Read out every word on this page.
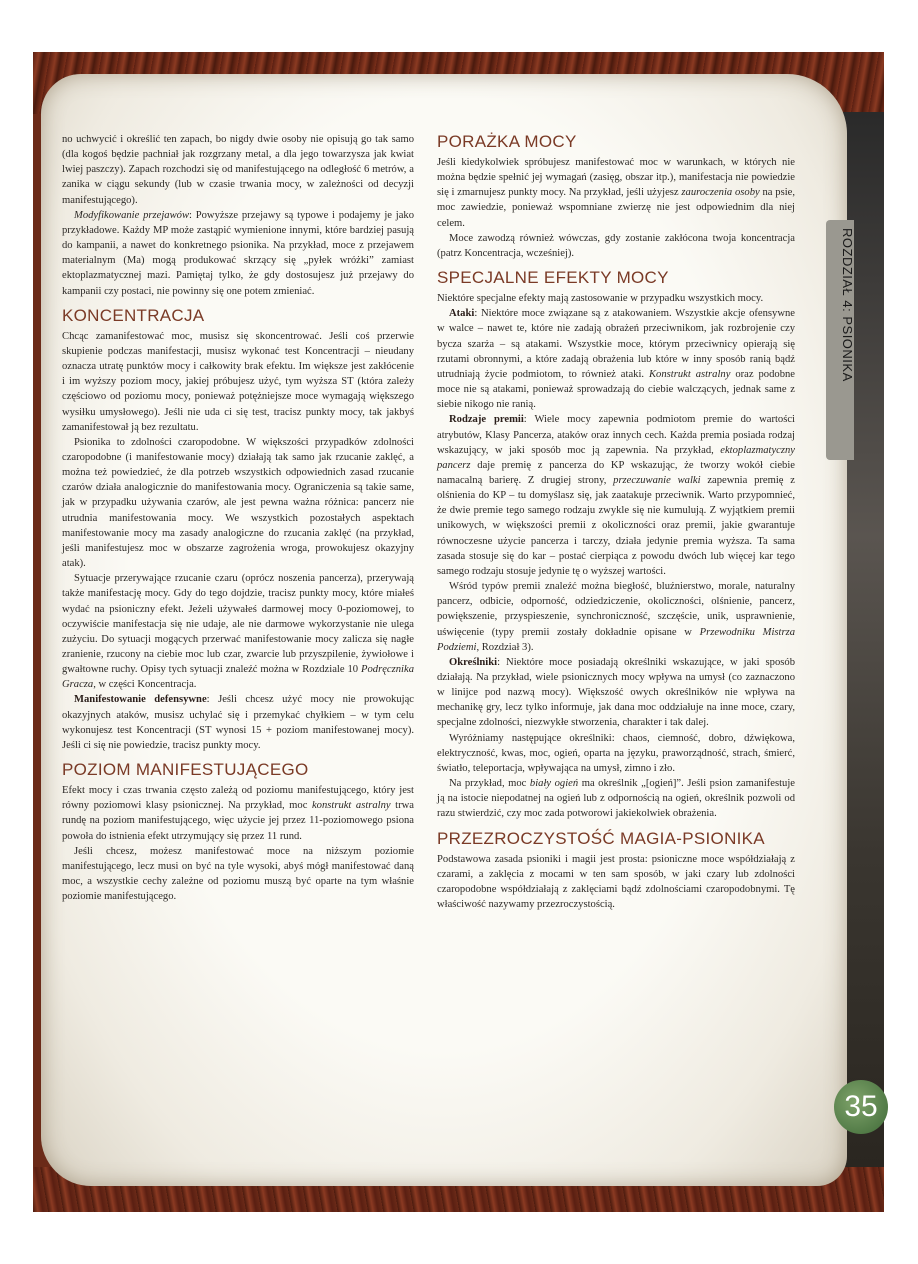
ROZDZIAŁ 4: PSIONIKA

no uchwycić i określić ten zapach, bo nigdy dwie osoby nie opisują go tak samo (dla kogoś będzie pachniał jak rozgrzany metal, a dla jego towarzysza jak kwiat lwiej paszczy). Zapach rozchodzi się od manifestującego na odległość 6 metrów, a zanika w ciągu sekundy (lub w czasie trwania mocy, w zależności od decyzji manifestującego).

Modyfikowanie przejawów: Powyższe przejawy są typowe i podajemy je jako przykładowe. Każdy MP może zastąpić wymienione innymi, które bardziej pasują do kampanii, a nawet do konkretnego psionika. Na przykład, moce z przejawem materialnym (Ma) mogą produkować skrzący się „pyłek wróżki” zamiast ektoplazmatycznej mazi. Pamiętaj tylko, że gdy dostosujesz już przejawy do kampanii czy postaci, nie powinny się one potem zmieniać.

KONCENTRACJA

Chcąc zamanifestować moc, musisz się skoncentrować. Jeśli coś przerwie skupienie podczas manifestacji, musisz wykonać test Koncentracji – nieudany oznacza utratę punktów mocy i całkowity brak efektu. Im większe jest zakłócenie i im wyższy poziom mocy, jakiej próbujesz użyć, tym wyższa ST (która zależy częściowo od poziomu mocy, ponieważ potężniejsze moce wymagają większego wysiłku umysłowego). Jeśli nie uda ci się test, tracisz punkty mocy, tak jakbyś zamanifestował ją bez rezultatu.

Psionika to zdolności czaropodobne. W większości przypadków zdolności czaropodobne (i manifestowanie mocy) działają tak samo jak rzucanie zaklęć, a można też powiedzieć, że dla potrzeb wszystkich odpowiednich zasad rzucanie czarów działa analogicznie do manifestowania mocy. Ograniczenia są takie same, jak w przypadku używania czarów, ale jest pewna ważna różnica: pancerz nie utrudnia manifestowania mocy. We wszystkich pozostałych aspektach manifestowanie mocy ma zasady analogiczne do rzucania zaklęć (na przykład, jeśli manifestujesz moc w obszarze zagrożenia wroga, prowokujesz okazyjny atak).

Sytuacje przerywające rzucanie czaru (oprócz noszenia pancerza), przerywają także manifestację mocy. Gdy do tego dojdzie, tracisz punkty mocy, które miałeś wydać na psioniczny efekt. Jeżeli używałeś darmowej mocy 0-poziomowej, to oczywiście manifestacja się nie udaje, ale nie darmowe wykorzystanie nie ulega zużyciu. Do sytuacji mogących przerwać manifestowanie mocy zalicza się nagłe zranienie, rzucony na ciebie moc lub czar, zwarcie lub przyszpilenie, żywiołowe i gwałtowne ruchy. Opisy tych sytuacji znaleźć można w Rozdziale 10 Podręcznika Gracza, w części Koncentracja.

Manifestowanie defensywne: Jeśli chcesz użyć mocy nie prowokując okazyjnych ataków, musisz uchylać się i przemykać chyłkiem – w tym celu wykonujesz test Koncentracji (ST wynosi 15 + poziom manifestowanej mocy). Jeśli ci się nie powiedzie, tracisz punkty mocy.

POZIOM MANIFESTUJĄCEGO

Efekt mocy i czas trwania często zależą od poziomu manifestującego, który jest równy poziomowi klasy psionicznej. Na przykład, moc konstrukt astralny trwa rundę na poziom manifestującego, więc użycie jej przez 11-poziomowego psiona powoła do istnienia efekt utrzymujący się przez 11 rund.

Jeśli chcesz, możesz manifestować moce na niższym poziomie manifestującego, lecz musi on być na tyle wysoki, abyś mógł manifestować daną moc, a wszystkie cechy zależne od poziomu muszą być oparte na tym właśnie poziomie manifestującego.

PORAŻKA MOCY

Jeśli kiedykolwiek spróbujesz manifestować moc w warunkach, w których nie można będzie spełnić jej wymagań (zasięg, obszar itp.), manifestacja nie powiedzie się i zmarnujesz punkty mocy. Na przykład, jeśli użyjesz zauroczenia osoby na psie, moc zawiedzie, ponieważ wspomniane zwierzę nie jest odpowiednim dla niej celem.

Moce zawodzą również wówczas, gdy zostanie zakłócona twoja koncentracja (patrz Koncentracja, wcześniej).

SPECJALNE EFEKTY MOCY

Niektóre specjalne efekty mają zastosowanie w przypadku wszystkich mocy.

Ataki: Niektóre moce związane są z atakowaniem. Wszystkie akcje ofensywne w walce – nawet te, które nie zadają obrażeń przeciwnikom, jak rozbrojenie czy bycza szarża – są atakami. Wszystkie moce, którym przeciwnicy opierają się rzutami obronnymi, a które zadają obrażenia lub które w inny sposób ranią bądź utrudniają życie podmiotom, to również ataki. Konstrukt astralny oraz podobne moce nie są atakami, ponieważ sprowadzają do ciebie walczących, jednak same z siebie nikogo nie ranią.

Rodzaje premii: Wiele mocy zapewnia podmiotom premie do wartości atrybutów, Klasy Pancerza, ataków oraz innych cech. Każda premia posiada rodzaj wskazujący, w jaki sposób moc ją zapewnia. Na przykład, ektoplazmatyczny pancerz daje premię z pancerza do KP wskazując, że tworzy wokół ciebie namacalną barierę. Z drugiej strony, przeczuwanie walki zapewnia premię z olśnienia do KP – tu domyślasz się, jak zaatakuje przeciwnik. Warto przypomnieć, że dwie premie tego samego rodzaju zwykle się nie kumulują. Z wyjątkiem premii unikowych, w większości premii z okoliczności oraz premii, jakie gwarantuje równoczesne użycie pancerza i tarczy, działa jedynie premia wyższa. Ta sama zasada stosuje się do kar – postać cierpiąca z powodu dwóch lub więcej kar tego samego rodzaju stosuje jedynie tę o wyższej wartości.

Wśród typów premii znaleźć można biegłość, bluźnierstwo, morale, naturalny pancerz, odbicie, odporność, odziedziczenie, okoliczności, olśnienie, pancerz, powiększenie, przyspieszenie, synchroniczność, szczęście, unik, usprawnienie, uświęcenie (typy premii zostały dokładnie opisane w Przewodniku Mistrza Podziemi, Rozdział 3).

Określniki: Niektóre moce posiadają określniki wskazujące, w jaki sposób działają. Na przykład, wiele psionicznych mocy wpływa na umysł (co zaznaczono w linijce pod nazwą mocy). Większość owych określników nie wpływa na mechanikę gry, lecz tylko informuje, jak dana moc oddziałuje na inne moce, czary, specjalne zdolności, niezwykłe stworzenia, charakter i tak dalej.

Wyróżniamy następujące określniki: chaos, ciemność, dobro, dźwiękowa, elektryczność, kwas, moc, ogień, oparta na języku, praworządność, strach, śmierć, światło, teleportacja, wpływająca na umysł, zimno i zło.

Na przykład, moc biały ogień ma określnik „[ogień]”. Jeśli psion zamanifestuje ją na istocie niepodatnej na ogień lub z odpornością na ogień, określnik pozwoli od razu stwierdzić, czy moc zada potworowi jakiekolwiek obrażenia.

PRZEZROCZYSTOŚĆ MAGIA-PSIONIKA

Podstawowa zasada psioniki i magii jest prosta: psioniczne moce współdziałają z czarami, a zaklęcia z mocami w ten sam sposób, w jaki czary lub zdolności czaropodobne współdziałają z zaklęciami bądź zdolnościami czaropodobnymi. Tę właściwość nazywamy przezroczystością.

35
